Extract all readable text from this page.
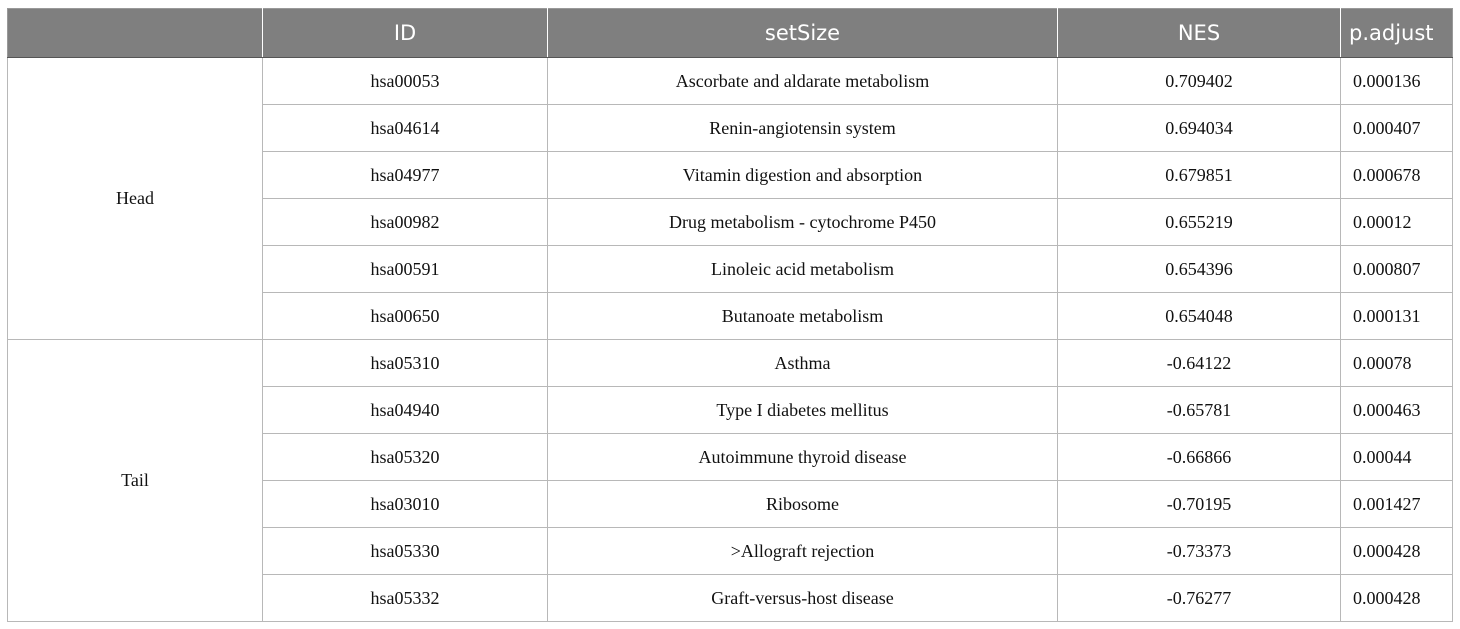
	ID	setSize	NES	p.adjust
Head	hsa00053	Ascorbate and aldarate metabolism	0.709402	0.000136
	hsa04614	Renin-angiotensin system	0.694034	0.000407
	hsa04977	Vitamin digestion and absorption	0.679851	0.000678
	hsa00982	Drug metabolism - cytochrome P450	0.655219	0.00012
	hsa00591	Linoleic acid metabolism	0.654396	0.000807
	hsa00650	Butanoate metabolism	0.654048	0.000131
Tail	hsa05310	Asthma	-0.64122	0.00078
	hsa04940	Type I diabetes mellitus	-0.65781	0.000463
	hsa05320	Autoimmune thyroid disease	-0.66866	0.00044
	hsa03010	Ribosome	-0.70195	0.001427
	hsa05330	>Allograft rejection	-0.73373	0.000428
	hsa05332	Graft-versus-host disease	-0.76277	0.000428
